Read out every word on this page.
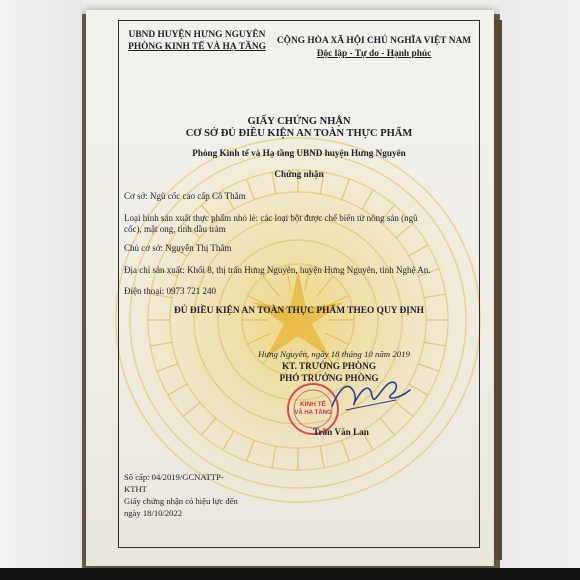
UBND HUYỆN HƯNG NGUYÊN
PHÒNG KINH TẾ VÀ HẠ TẦNG
CỘNG HÒA XÃ HỘI CHỦ NGHĨA VIỆT NAM
Độc lập - Tự do - Hạnh phúc
GIẤY CHỨNG NHẬN
CƠ SỞ ĐỦ ĐIỀU KIỆN AN TOÀN THỰC PHẨM
Phòng Kinh tế và Hạ tầng UBND huyện Hưng Nguyên
Chứng nhận
Cơ sở: Ngũ cốc cao cấp Cô Thắm
Loại hình sản xuất thực phẩm nhỏ lẻ: các loại bột được chế biến từ nông sản (ngũ
cốc), mật ong, tinh dầu tràm
Chủ cơ sở: Nguyễn Thị Thắm
Địa chỉ sản xuất: Khối 8, thị trấn Hưng Nguyên, huyện Hưng Nguyên, tỉnh Nghệ An.
Điện thoại: 0973 721 240
ĐỦ ĐIỀU KIỆN AN TOÀN THỰC PHẨM THEO QUY ĐỊNH
Hưng Nguyên, ngày 18 tháng 10 năm 2019
KT. TRƯỞNG PHÒNG
PHÓ TRƯỞNG PHÒNG
KINH TẾ
VÀ HẠ TẦNG
Trần Văn Lan
Số cấp: 04/2019/GCNATTP-
KTHT
Giấy chứng nhận có hiệu lực đến
ngày 18/10/2022
